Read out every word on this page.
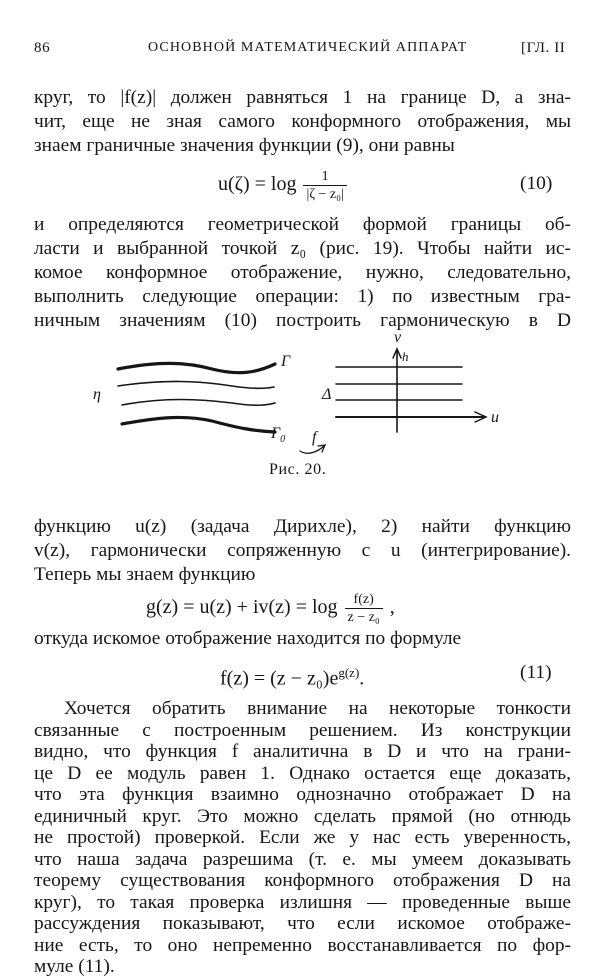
86	ОСНОВНОЙ МАТЕМАТИЧЕСКИЙ АППАРАТ	[ГЛ. II
круг, то |f(z)| должен равняться 1 на границе D, а зна-
чит, еще не зная самого конформного отображения, мы
знаем граничные значения функции (9), они равны
$u(\zeta) = \log \frac{1}{\text{|ζ − z₀|}}$	(10)
и определяются геометрической формой границы об-
ласти и выбранной точкой z₀ (рис. 19). Чтобы найти ис-
комое конформное отображение, нужно, следовательно,
выполнить следующие операции: 1) по известным гра-
ничным значениям (10) построить гармоническую в D
Γ
η
$\Gamma_0$ f
v
h
Δ
u
Рис. 20.
функцию u(z) (задача Дирихле), 2) найти функцию
v(z), гармонически сопряженную с u (интегрирование).
Теперь мы знаем функцию
$g(z) = u(z) + iv(z) = \log \frac{f(z)}{\text{z − z₀}}$ ,
откуда искомое отображение находится по формуле
$f(z) = (z - z_0)e^{g(z)}$.	(11)
Хочется обратить внимание на некоторые тонкости
связанные с построенным решением. Из конструкции
видно, что функция f аналитична в D и что на грани-
це D ее модуль равен 1. Однако остается еще доказать,
что эта функция взаимно однозначно отображает D на
единичный круг. Это можно сделать прямой (но отнюдь
не простой) проверкой. Если же у нас есть уверенность,
что наша задача разрешима (т. е. мы умеем доказывать
теорему существования конформного отображения D на
круг), то такая проверка излишня — проведенные выше
рассуждения показывают, что если искомое отображе-
ние есть, то оно непременно восстанавливается по фор-
муле (11).
